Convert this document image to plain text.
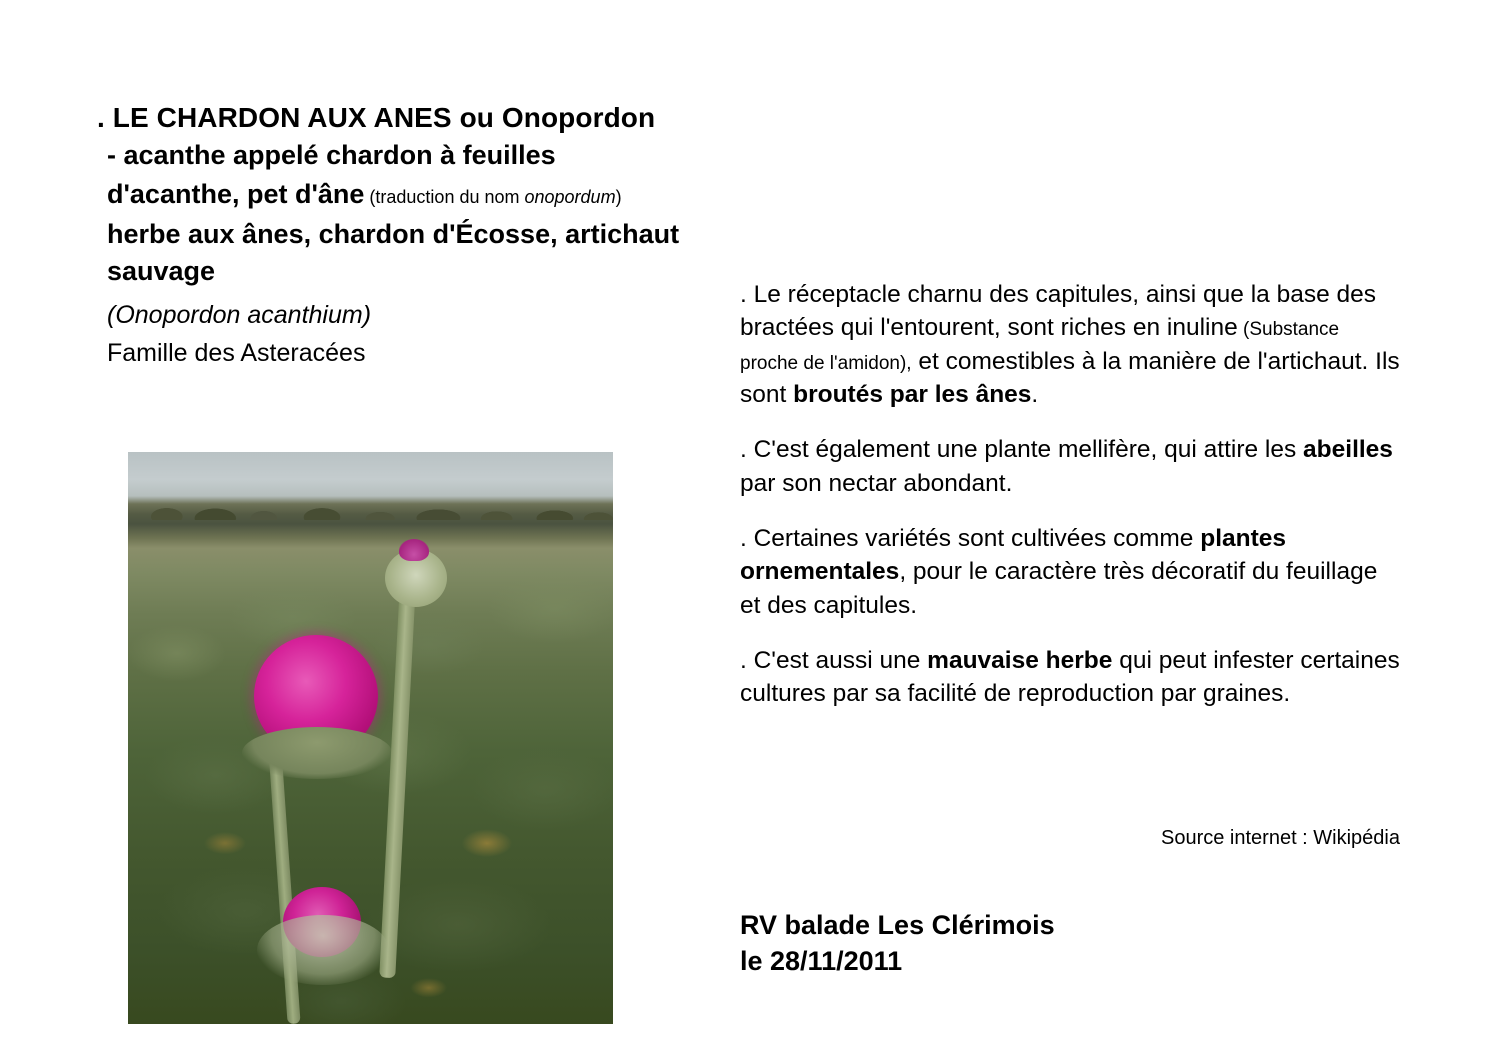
. LE CHARDON AUX ANES ou Onopordon
- acanthe appelé chardon à feuilles
d'acanthe, pet d'âne (traduction du nom onopordum)
herbe aux ânes, chardon d'Écosse, artichaut
sauvage
(Onopordon acanthium)
Famille des Asteracées
. Le réceptacle charnu des capitules, ainsi que la base des bractées qui l'entourent, sont riches en inuline (Substance proche de l'amidon), et comestibles à la manière de l'artichaut. Ils sont broutés par les ânes.
. C'est également une plante mellifère, qui attire les abeilles par son nectar abondant.
. Certaines variétés sont cultivées comme plantes ornementales, pour le caractère très décoratif du feuillage et des capitules.
. C'est aussi une mauvaise herbe qui peut infester certaines cultures par sa facilité de reproduction par graines.
Source internet : Wikipédia
RV balade Les Clérimois
le 28/11/2011
